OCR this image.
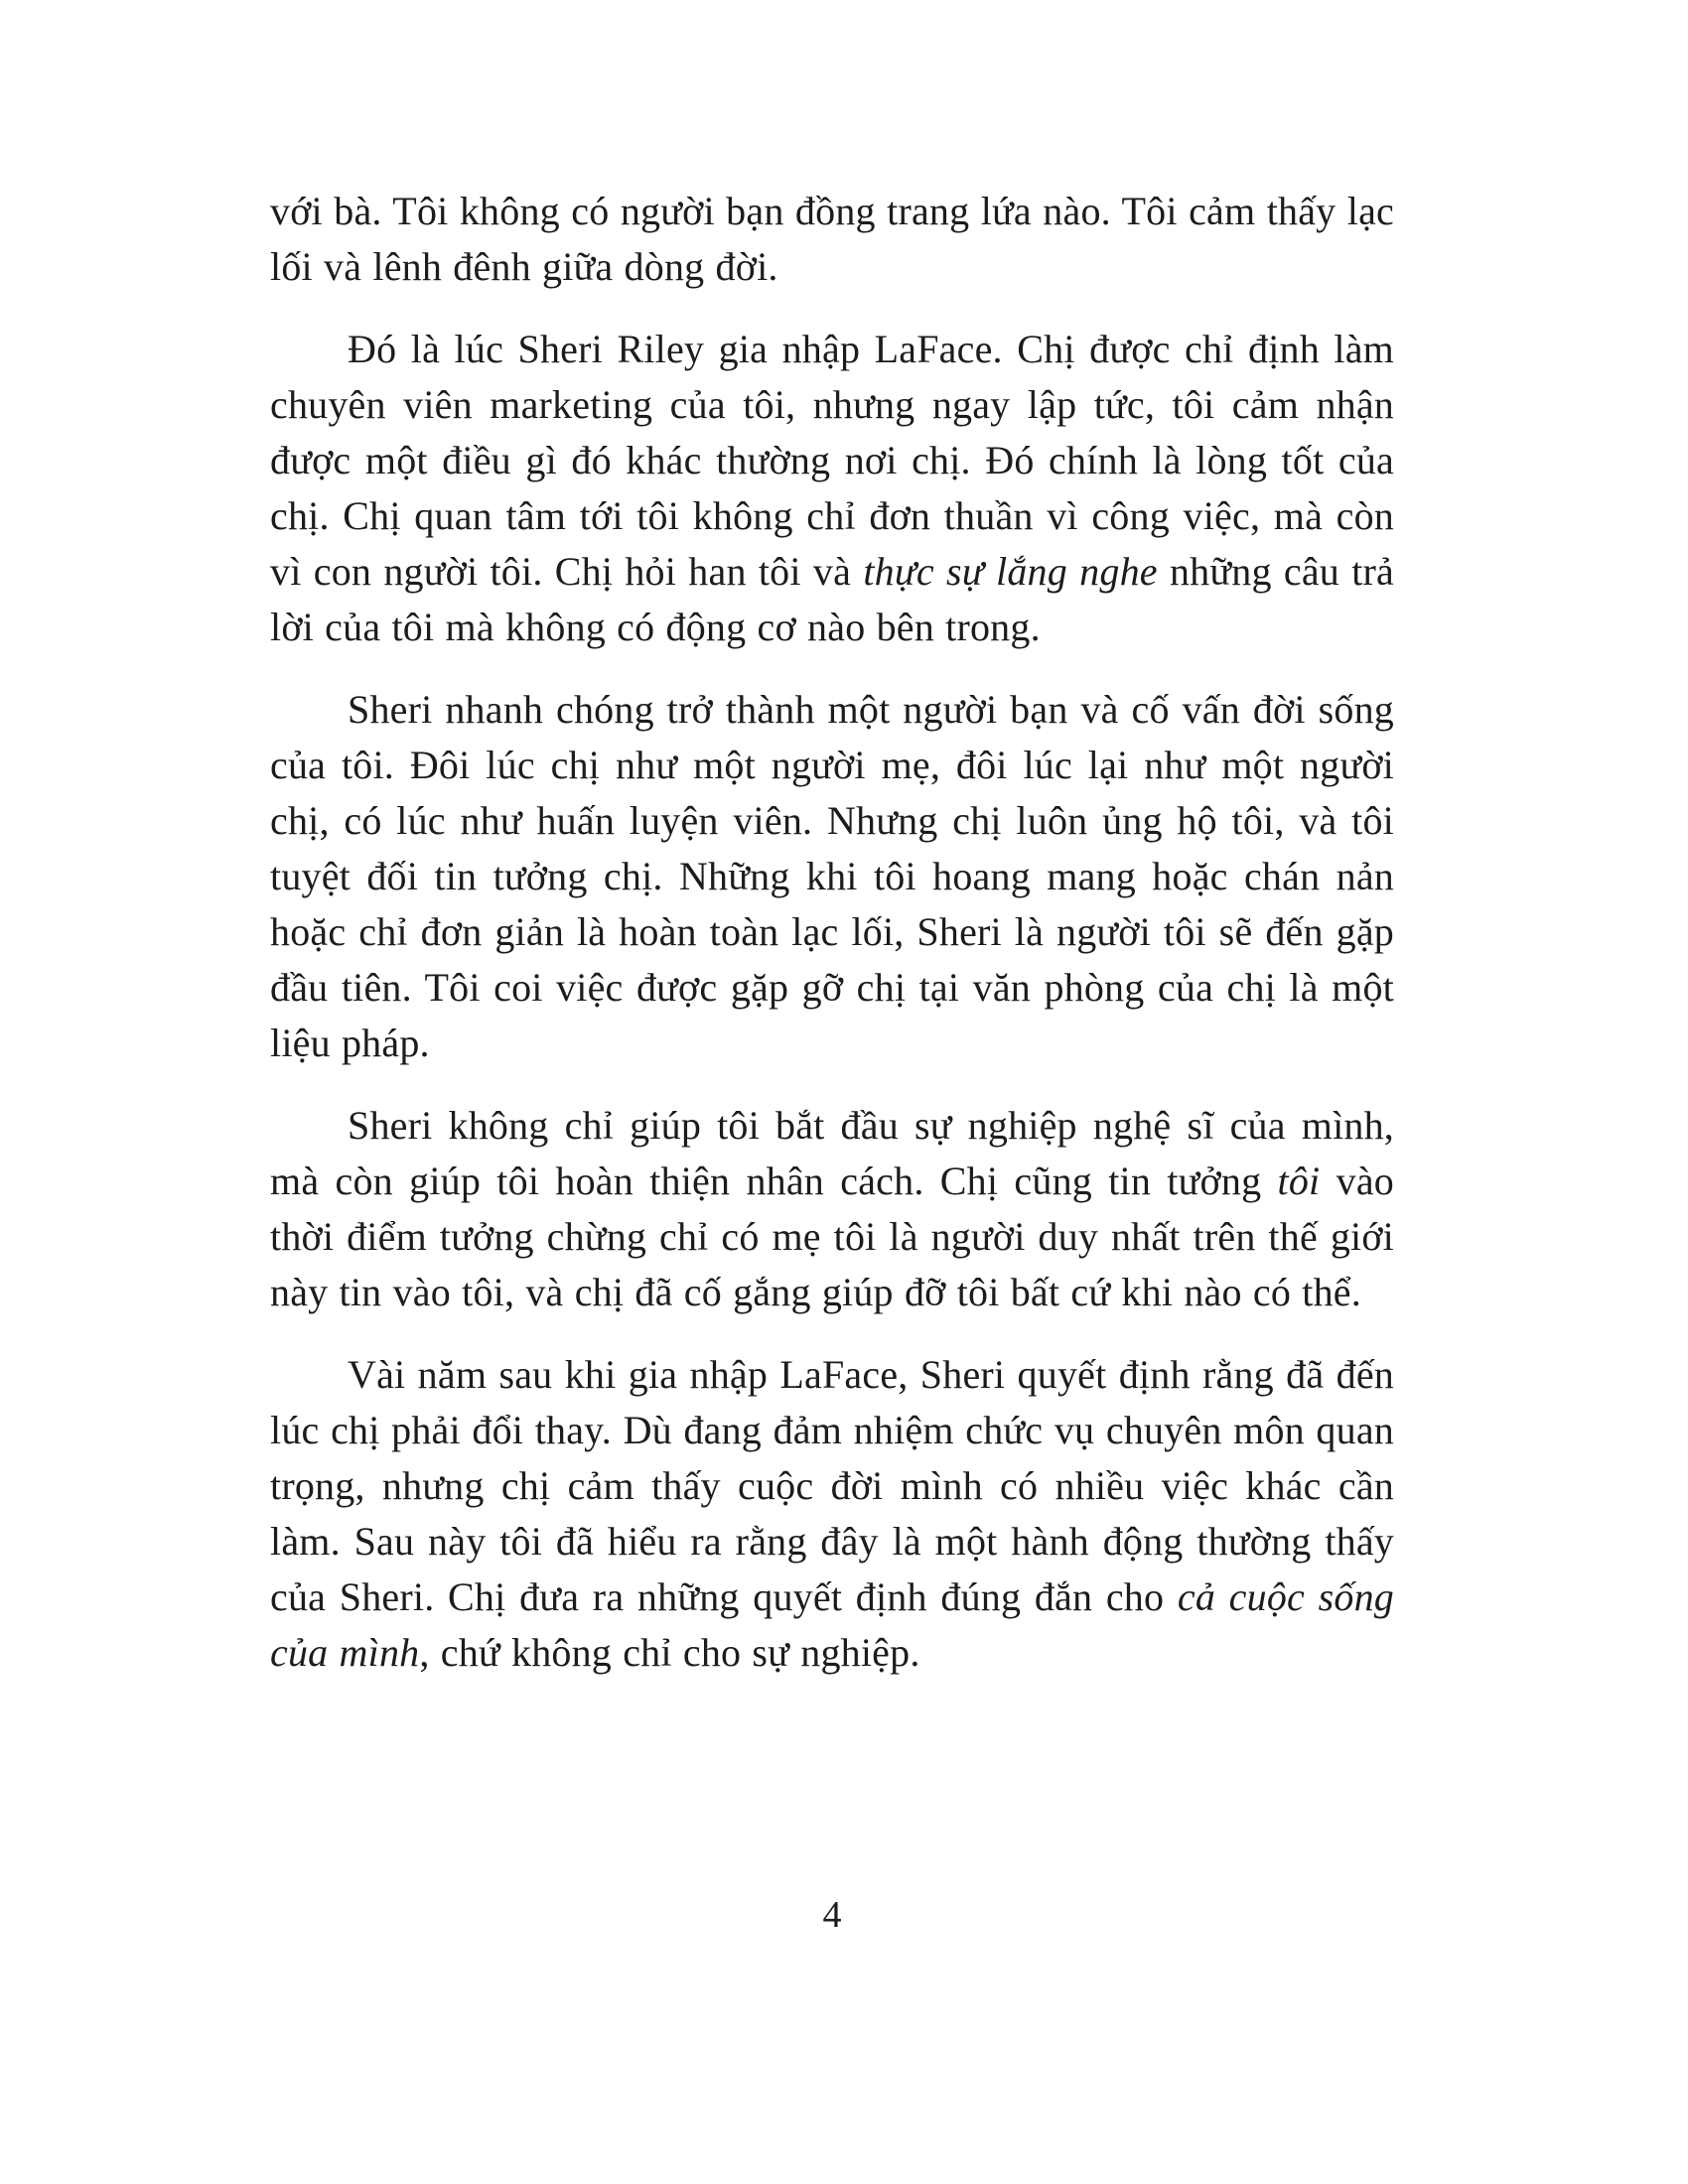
với bà. Tôi không có người bạn đồng trang lứa nào. Tôi cảm thấy lạc lối và lênh đênh giữa dòng đời.

Đó là lúc Sheri Riley gia nhập LaFace. Chị được chỉ định làm chuyên viên marketing của tôi, nhưng ngay lập tức, tôi cảm nhận được một điều gì đó khác thường nơi chị. Đó chính là lòng tốt của chị. Chị quan tâm tới tôi không chỉ đơn thuần vì công việc, mà còn vì con người tôi. Chị hỏi han tôi và thực sự lắng nghe những câu trả lời của tôi mà không có động cơ nào bên trong.

Sheri nhanh chóng trở thành một người bạn và cố vấn đời sống của tôi. Đôi lúc chị như một người mẹ, đôi lúc lại như một người chị, có lúc như huấn luyện viên. Nhưng chị luôn ủng hộ tôi, và tôi tuyệt đối tin tưởng chị. Những khi tôi hoang mang hoặc chán nản hoặc chỉ đơn giản là hoàn toàn lạc lối, Sheri là người tôi sẽ đến gặp đầu tiên. Tôi coi việc được gặp gỡ chị tại văn phòng của chị là một liệu pháp.

Sheri không chỉ giúp tôi bắt đầu sự nghiệp nghệ sĩ của mình, mà còn giúp tôi hoàn thiện nhân cách. Chị cũng tin tưởng tôi vào thời điểm tưởng chừng chỉ có mẹ tôi là người duy nhất trên thế giới này tin vào tôi, và chị đã cố gắng giúp đỡ tôi bất cứ khi nào có thể.

Vài năm sau khi gia nhập LaFace, Sheri quyết định rằng đã đến lúc chị phải đổi thay. Dù đang đảm nhiệm chức vụ chuyên môn quan trọng, nhưng chị cảm thấy cuộc đời mình có nhiều việc khác cần làm. Sau này tôi đã hiểu ra rằng đây là một hành động thường thấy của Sheri. Chị đưa ra những quyết định đúng đắn cho cả cuộc sống của mình, chứ không chỉ cho sự nghiệp.

4
